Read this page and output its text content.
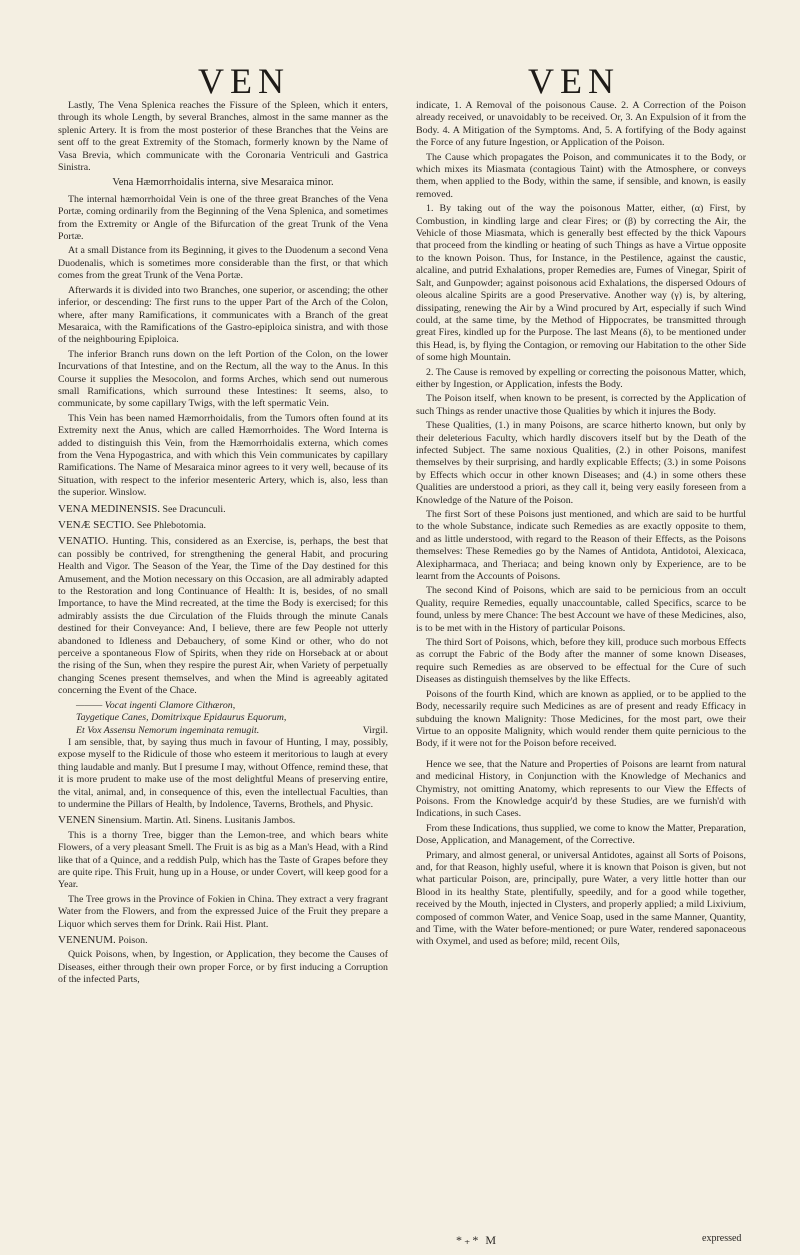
VEN	VEN

Lastly, The Vena Splenica reaches the Fissure of the Spleen, which it enters, through its whole Length, by several Branches, almost in the same manner as the splenic Artery. It is from the most posterior of these Branches that the Veins are sent off to the great Extremity of the Stomach, formerly known by the Name of Vasa Brevia, which communicate with the Coronaria Ventriculi and Gastrica Sinistra.

Vena Hæmorrhoidalis interna, sive Mesaraica minor.

The internal hæmorrhoidal Vein is one of the three great Branches of the Vena Portæ, coming ordinarily from the Beginning of the Vena Splenica, and sometimes from the Extremity or Angle of the Bifurcation of the great Trunk of the Vena Portæ.

At a small Distance from its Beginning, it gives to the Duodenum a second Vena Duodenalis, which is sometimes more considerable than the first, or that which comes from the great Trunk of the Vena Portæ.

Afterwards it is divided into two Branches, one superior, or ascending; the other inferior, or descending: The first runs to the upper Part of the Arch of the Colon, where, after many Ramifications, it communicates with a Branch of the great Mesaraica, with the Ramifications of the Gastro-epiploica sinistra, and with those of the neighbouring Epiploica.

The inferior Branch runs down on the left Portion of the Colon, on the lower Incurvations of that Intestine, and on the Rectum, all the way to the Anus. In this Course it supplies the Mesocolon, and forms Arches, which send out numerous small Ramifications, which surround these Intestines: It seems, also, to communicate, by some capillary Twigs, with the left spermatic Vein.

This Vein has been named Hæmorrhoidalis, from the Tumors often found at its Extremity next the Anus, which are called Hæmorrhoides. The Word Interna is added to distinguish this Vein, from the Hæmorrhoidalis externa, which comes from the Vena Hypogastrica, and with which this Vein communicates by capillary Ramifications. The Name of Mesaraica minor agrees to it very well, because of its Situation, with respect to the inferior mesenteric Artery, which is, also, less than the superior. Winslow.

VENA MEDINENSIS. See Dracunculi.

VENÆ SECTIO. See Phlebotomia.

VENATIO. Hunting. This, considered as an Exercise, is, perhaps, the best that can possibly be contrived, for strengthening the general Habit, and procuring Health and Vigor. The Season of the Year, the Time of the Day destined for this Amusement, and the Motion necessary on this Occasion, are all admirably adapted to the Restoration and long Continuance of Health: It is, besides, of no small Importance, to have the Mind recreated, at the time the Body is exercised; for this admirably assists the due Circulation of the Fluids through the minute Canals destined for their Conveyance: And, I believe, there are few People not utterly abandoned to Idleness and Debauchery, of some Kind or other, who do not perceive a spontaneous Flow of Spirits, when they ride on Horseback at or about the rising of the Sun, when they respire the purest Air, when Variety of perpetually changing Scenes present themselves, and when the Mind is agreeably agitated concerning the Event of the Chace.

——— Vocat ingenti Clamore Cithæron,

Taygetique Canes, Domitrixque Epidaurus Equorum,

Et Vox Assensu Nemorum ingeminata remugit.	Virgil.

I am sensible, that, by saying thus much in favour of Hunting, I may, possibly, expose myself to the Ridicule of those who esteem it meritorious to laugh at every thing laudable and manly. But I presume I may, without Offence, remind these, that it is more prudent to make use of the most delightful Means of preserving entire, the vital, animal, and, in consequence of this, even the intellectual Faculties, than to undermine the Pillars of Health, by Indolence, Taverns, Brothels, and Physic.

VENEN Sinensium. Martin. Atl. Sinens. Lusitanis Jambos.

This is a thorny Tree, bigger than the Lemon-tree, and which bears white Flowers, of a very pleasant Smell. The Fruit is as big as a Man's Head, with a Rind like that of a Quince, and a reddish Pulp, which has the Taste of Grapes before they are quite ripe. This Fruit, hung up in a House, or under Covert, will keep good for a Year.

The Tree grows in the Province of Fokien in China. They extract a very fragrant Water from the Flowers, and from the expressed Juice of the Fruit they prepare a Liquor which serves them for Drink. Raii Hist. Plant.

VENENUM. Poison.

Quick Poisons, when, by Ingestion, or Application, they become the Causes of Diseases, either through their own proper Force, or by first inducing a Corruption of the infected Parts,

indicate, 1. A Removal of the poisonous Cause. 2. A Correction of the Poison already received, or unavoidably to be received. Or, 3. An Expulsion of it from the Body. 4. A Mitigation of the Symptoms. And, 5. A fortifying of the Body against the Force of any future Ingestion, or Application of the Poison.

The Cause which propagates the Poison, and communicates it to the Body, or which mixes its Miasmata (contagious Taint) with the Atmosphere, or conveys them, when applied to the Body, within the same, if sensible, and known, is easily removed.

1. By taking out of the way the poisonous Matter, either, (α) First, by Combustion, in kindling large and clear Fires; or (β) by correcting the Air, the Vehicle of those Miasmata, which is generally best effected by the thick Vapours that proceed from the kindling or heating of such Things as have a Virtue opposite to the known Poison. Thus, for Instance, in the Pestilence, against the caustic, alcaline, and putrid Exhalations, proper Remedies are, Fumes of Vinegar, Spirit of Salt, and Gunpowder; against poisonous acid Exhalations, the dispersed Odours of oleous alcaline Spirits are a good Preservative. Another way (γ) is, by altering, dissipating, renewing the Air by a Wind procured by Art, especially if such Wind could, at the same time, by the Method of Hippocrates, be transmitted through great Fires, kindled up for the Purpose. The last Means (δ), to be mentioned under this Head, is, by flying the Contagion, or removing our Habitation to the other Side of some high Mountain.

2. The Cause is removed by expelling or correcting the poisonous Matter, which, either by Ingestion, or Application, infests the Body.

The Poison itself, when known to be present, is corrected by the Application of such Things as render unactive those Qualities by which it injures the Body.

These Qualities, (1.) in many Poisons, are scarce hitherto known, but only by their deleterious Faculty, which hardly discovers itself but by the Death of the infected Subject. The same noxious Qualities, (2.) in other Poisons, manifest themselves by their surprising, and hardly explicable Effects; (3.) in some Poisons by Effects which occur in other known Diseases; and (4.) in some others these Qualities are understood a priori, as they call it, being very easily foreseen from a Knowledge of the Nature of the Poison.

The first Sort of these Poisons just mentioned, and which are said to be hurtful to the whole Substance, indicate such Remedies as are exactly opposite to them, and as little understood, with regard to the Reason of their Effects, as the Poisons themselves: These Remedies go by the Names of Antidota, Antidotoi, Alexicaca, Alexipharmaca, and Theriaca; and being known only by Experience, are to be learnt from the Accounts of Poisons.

The second Kind of Poisons, which are said to be pernicious from an occult Quality, require Remedies, equally unaccountable, called Specifics, scarce to be found, unless by mere Chance: The best Account we have of these Medicines, also, is to be met with in the History of particular Poisons.

The third Sort of Poisons, which, before they kill, produce such morbous Effects as corrupt the Fabric of the Body after the manner of some known Diseases, require such Remedies as are observed to be effectual for the Cure of such Diseases as distinguish themselves by the like Effects.

Poisons of the fourth Kind, which are known as applied, or to be applied to the Body, necessarily require such Medicines as are of present and ready Efficacy in subduing the known Malignity: Those Medicines, for the most part, owe their Virtue to an opposite Malignity, which would render them quite pernicious to the Body, if it were not for the Poison before received.

Hence we see, that the Nature and Properties of Poisons are learnt from natural and medicinal History, in Conjunction with the Knowledge of Mechanics and Chymistry, not omitting Anatomy, which represents to our View the Effects of Poisons. From the Knowledge acquir'd by these Studies, are we furnish'd with Indications, in such Cases.

From these Indications, thus supplied, we come to know the Matter, Preparation, Dose, Application, and Management, of the Corrective.

Primary, and almost general, or universal Antidotes, against all Sorts of Poisons, and, for that Reason, highly useful, where it is known that Poison is given, but not what particular Poison, are, principally, pure Water, a very little hotter than our Blood in its healthy State, plentifully, speedily, and for a good while together, received by the Mouth, injected in Clysters, and properly applied; a mild Lixivium, composed of common Water, and Venice Soap, used in the same Manner, Quantity, and Time, with the Water before-mentioned; or pure Water, rendered saponaceous with Oxymel, and used as before; mild, recent Oils,

*₊* M	expressed
